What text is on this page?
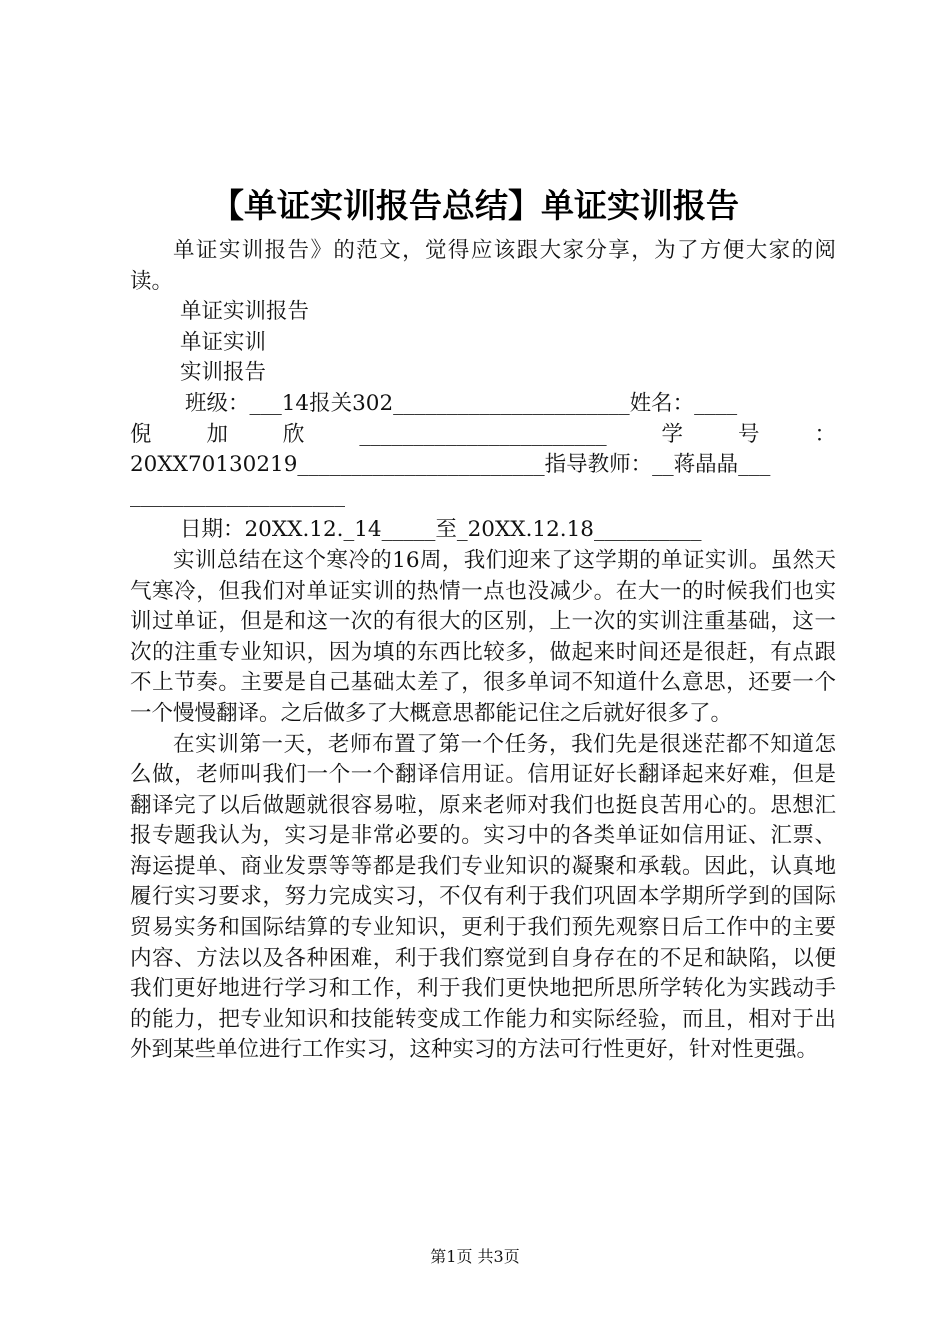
【单证实训报告总结】单证实训报告

单证实训报告》的范文，觉得应该跟大家分享，为了方便大家的阅读。

单证实训报告

单证实训

实训报告

班级：___14报关302______________________姓名：____

倪	加	欣	_______________________	学	号	：

20XX70130219_______________________指导教师：__蒋晶晶___

____________________

日期：20XX.12._14_____至_20XX.12.18__________

实训总结在这个寒冷的16周，我们迎来了这学期的单证实训。虽然天气寒冷，但我们对单证实训的热情一点也没减少。在大一的时候我们也实训过单证，但是和这一次的有很大的区别，上一次的实训注重基础，这一次的注重专业知识，因为填的东西比较多，做起来时间还是很赶，有点跟不上节奏。主要是自己基础太差了，很多单词不知道什么意思，还要一个一个慢慢翻译。之后做多了大概意思都能记住之后就好很多了。

在实训第一天，老师布置了第一个任务，我们先是很迷茫都不知道怎么做，老师叫我们一个一个翻译信用证。信用证好长翻译起来好难，但是翻译完了以后做题就很容易啦，原来老师对我们也挺良苦用心的。思想汇报专题我认为，实习是非常必要的。实习中的各类单证如信用证、汇票、海运提单、商业发票等等都是我们专业知识的凝聚和承载。因此，认真地履行实习要求，努力完成实习，不仅有利于我们巩固本学期所学到的国际贸易实务和国际结算的专业知识，更利于我们预先观察日后工作中的主要内容、方法以及各种困难，利于我们察觉到自身存在的不足和缺陷，以便我们更好地进行学习和工作，利于我们更快地把所思所学转化为实践动手的能力，把专业知识和技能转变成工作能力和实际经验，而且，相对于出外到某些单位进行工作实习，这种实习的方法可行性更好，针对性更强。

第1页 共3页
